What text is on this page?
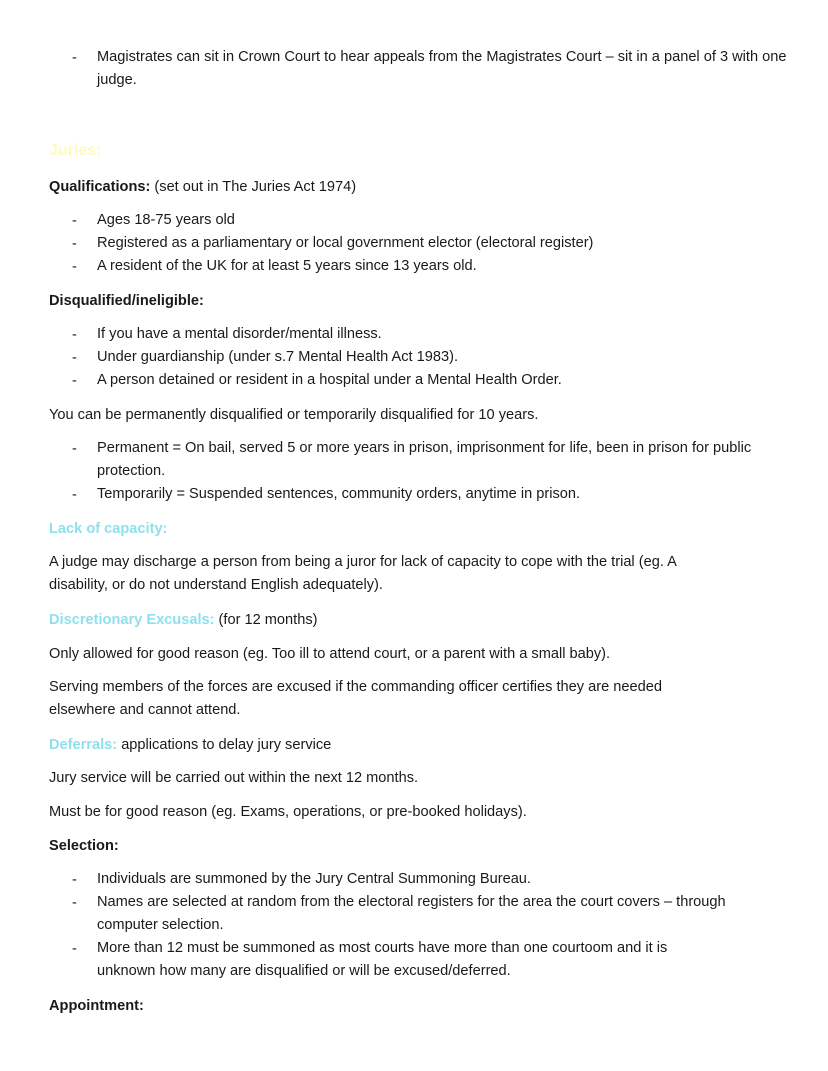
- Magistrates can sit in Crown Court to hear appeals from the Magistrates Court – sit in a panel of 3 with one judge.
Juries:
Qualifications: (set out in The Juries Act 1974)
- Ages 18-75 years old
- Registered as a parliamentary or local government elector (electoral register)
- A resident of the UK for at least 5 years since 13 years old.
Disqualified/ineligible:
- If you have a mental disorder/mental illness.
- Under guardianship (under s.7 Mental Health Act 1983).
- A person detained or resident in a hospital under a Mental Health Order.
You can be permanently disqualified or temporarily disqualified for 10 years.
- Permanent = On bail, served 5 or more years in prison, imprisonment for life, been in prison for public protection.
- Temporarily = Suspended sentences, community orders, anytime in prison.
Lack of capacity:
A judge may discharge a person from being a juror for lack of capacity to cope with the trial (eg. A disability, or do not understand English adequately).
Discretionary Excusals: (for 12 months)
Only allowed for good reason (eg. Too ill to attend court, or a parent with a small baby).
Serving members of the forces are excused if the commanding officer certifies they are needed elsewhere and cannot attend.
Deferrals: applications to delay jury service
Jury service will be carried out within the next 12 months.
Must be for good reason (eg. Exams, operations, or pre-booked holidays).
Selection:
- Individuals are summoned by the Jury Central Summoning Bureau.
- Names are selected at random from the electoral registers for the area the court covers – through computer selection.
- More than 12 must be summoned as most courts have more than one courtoom and it is unknown how many are disqualified or will be excused/deferred.
Appointment:
